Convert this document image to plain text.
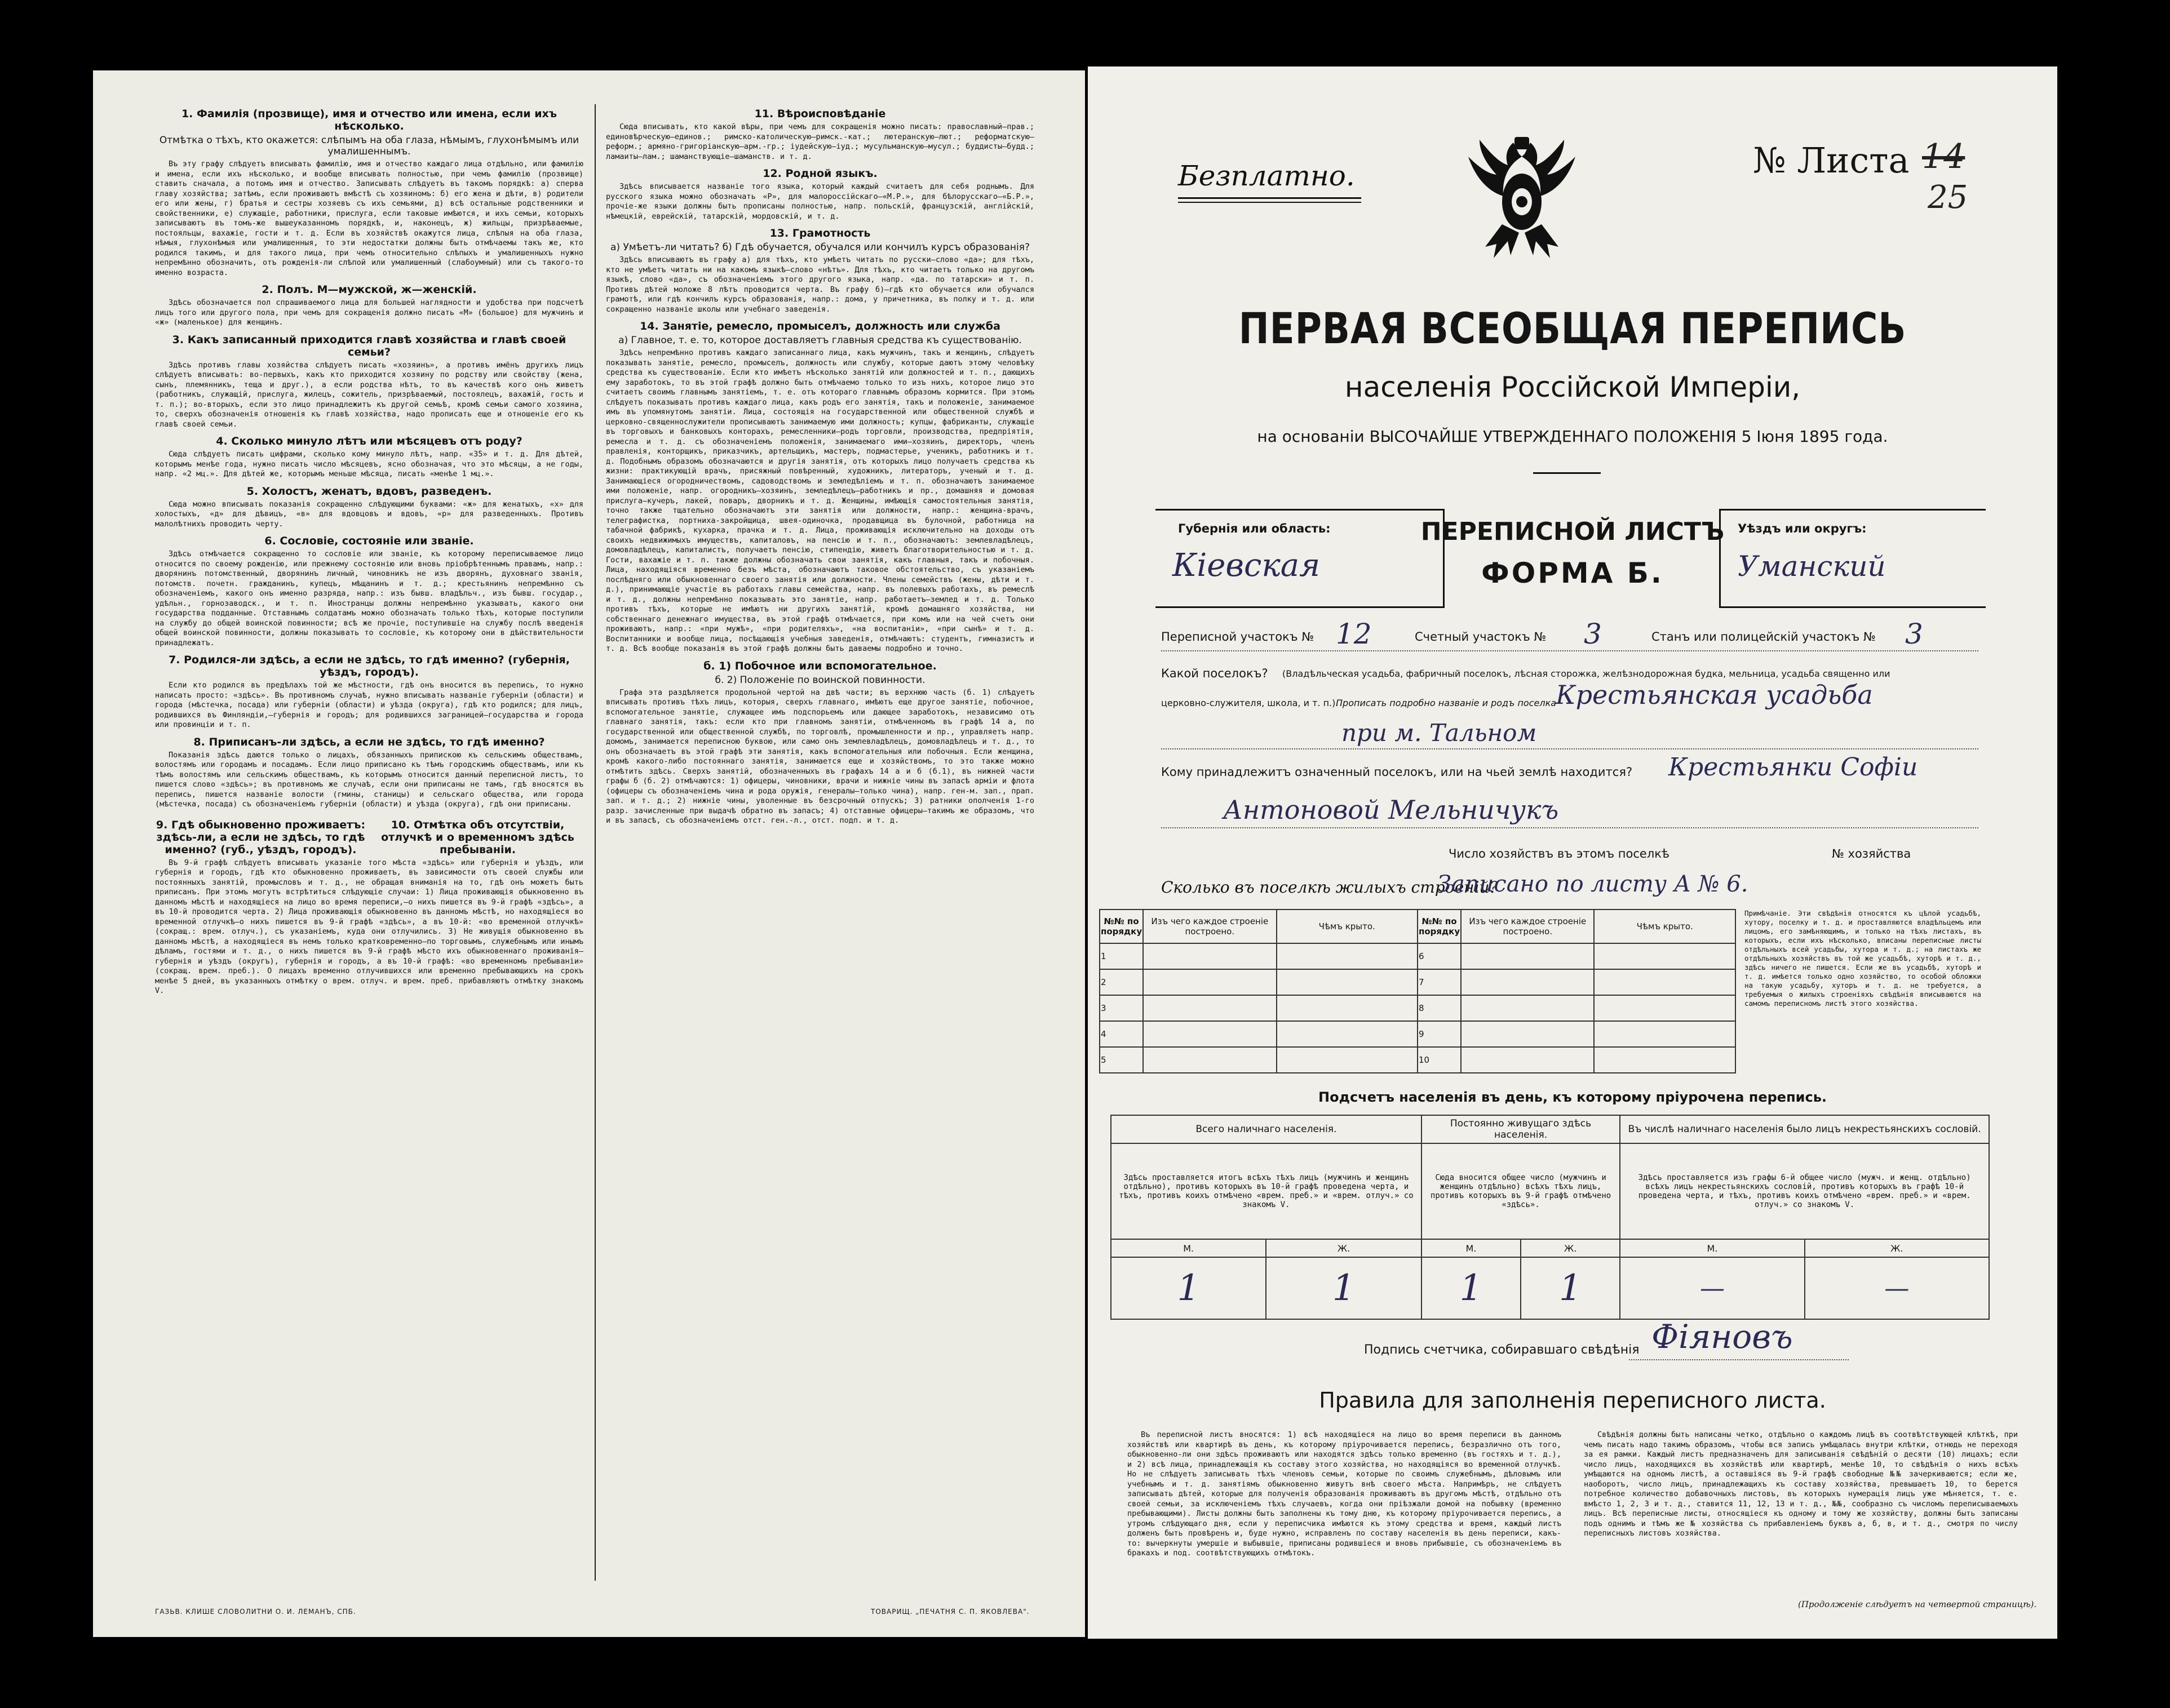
1. Фамилія (прозвище), имя и отчество или имена, если ихъ нѣсколько.
Отмѣтка о тѣхъ, кто окажется: слѣпымъ на оба глаза, нѣмымъ, глухонѣмымъ или умалишеннымъ.

Въ эту графу слѣдуетъ вписывать фамилію, имя и отчество каждаго лица отдѣльно, или фамилію и имена, если ихъ нѣсколько, и вообще вписывать полностью, при чемъ фамилію (прозвище) ставить сначала, а потомъ имя и отчество. Записывать слѣдуетъ въ такомъ порядкѣ: а) сперва главу хозяйства; затѣмъ, если проживаютъ вмѣстѣ съ хозяиномъ: б) его жена и дѣти, в) родители его или жены, г) братья и сестры хозяевъ съ ихъ семьями, д) всѣ остальные родственники и свойственники, е) служащіе, работники, прислуга, если таковые имѣются, и ихъ семьи, которыхъ записываютъ въ томъ-же вышеуказанномъ порядкѣ, и, наконецъ, ж) жильцы, призрѣваемые, постояльцы, вахажіе, гости и т. д. Если въ хозяйствѣ окажутся лица, слѣпыя на оба глаза, нѣмыя, глухонѣмыя или умалишенныя, то эти недостатки должны быть отмѣчаемы такъ же, кто родился такимъ, и для такого лица, при чемъ относительно слѣпыхъ и умалишенныхъ нужно непремѣнно обозначить, отъ рожденія-ли слѣпой или умалишенный (слабоумный) или съ такого-то именно возраста.

2. Полъ. М—мужской, ж—женскій.

Здѣсь обозначается пол спрашиваемого лица для большей наглядности и удобства при подсчетѣ лицъ того или другого пола, при чемъ для сокращенія должно писать «М» (большое) для мужчинъ и «ж» (маленькое) для женщинъ.

3. Какъ записанный приходится главѣ хозяйства и главѣ своей семьи?

Здѣсь противъ главы хозяйства слѣдуетъ писать «хозяинъ», а противъ имёнъ другихъ лицъ слѣдуетъ вписывать: во-первыхъ, какъ кто приходится хозяину по родству или свойству (жена, сынъ, племянникъ, теща и друг.), а если родства нѣтъ, то въ качествѣ кого онъ живетъ (работникъ, служащій, прислуга, жилецъ, сожитель, призрѣваемый, постоялецъ, вахажій, гость и т. п.); во-вторыхъ, если это лицо принадлежитъ къ другой семьѣ, кромѣ семьи самого хозяина, то, сверхъ обозначенія отношенія къ главѣ хозяйства, надо прописать еще и отношеніе его къ главѣ своей семьи.

4. Сколько минуло лѣтъ или мѣсяцевъ отъ роду?

Сюда слѣдуетъ писать цифрами, сколько кому минуло лѣтъ, напр. «35» и т. д. Для дѣтей, которымъ менѣе года, нужно писать число мѣсяцевъ, ясно обозначая, что это мѣсяцы, а не годы, напр. «2 мц.». Для дѣтей же, которымъ меньше мѣсяца, писать «менѣе 1 мц.».

5. Холостъ, женатъ, вдовъ, разведенъ.

Сюда можно вписывать показанія сокращенно слѣдующими буквами: «ж» для женатыхъ, «х» для холостыхъ, «д» для дѣвицъ, «в» для вдовцовъ и вдовъ, «р» для разведенныхъ. Противъ малолѣтнихъ проводить черту.

6. Сословіе, состояніе или званіе.

Здѣсь отмѣчается сокращенно то сословіе или званіе, къ которому переписываемое лицо относится по своему рожденію, или прежнему состоянію или вновь пріобрѣтеннымъ правамъ, напр.: дворянинъ потомственный, дворянинъ личный, чиновникъ не изъ дворянъ, духовнаго званія, потомств. почетн. гражданинъ, купецъ, мѣщанинъ и т. д.; крестьянинъ непремѣнно съ обозначеніемъ, какого онъ именно разряда, напр.: изъ бывш. владѣльч., изъ бывш. государ., удѣльн., горнозаводск., и т. п. Иностранцы должны непремѣнно указывать, какого они государства подданные. Отставнымъ солдатамъ можно обозначать только тѣхъ, которые поступили на службу до общей воинской повинности; всѣ же прочіе, поступившіе на службу послѣ введенія общей воинской повинности, должны показывать то сословіе, къ которому они в дѣйствительности принадлежатъ.

7. Родился-ли здѣсь, а если не здѣсь, то гдѣ именно? (губернія, уѣздъ, городъ).

Если кто родился въ предѣлахъ той же мѣстности, гдѣ онъ вносится въ перепись, то нужно написать просто: «здѣсь». Въ противномъ случаѣ, нужно вписывать названіе губерніи (области) и города (мѣстечка, посада) или губерніи (области) и уѣзда (округа), гдѣ кто родился; для лицъ, родившихся въ Финляндіи,—губернія и городъ; для родившихся заграницей—государства и города или провинціи и т. п.

8. Приписанъ-ли здѣсь, а если не здѣсь, то гдѣ именно?

Показанія здѣсь даются только о лицахъ, обязанныхъ припискою къ сельскимъ обществамъ, волостямъ или городамъ и посадамъ. Если лицо приписано къ тѣмъ городскимъ обществамъ, или къ тѣмъ волостямъ или сельскимъ обществамъ, къ которымъ относится данный переписной листъ, то пишется слово «здѣсь»; въ противномъ же случаѣ, если они приписаны не тамъ, гдѣ вносятся въ перепись, пишется названіе волости (гмины, станицы) и сельскаго общества, или города (мѣстечка, посада) съ обозначеніемъ губерніи (области) и уѣзда (округа), гдѣ они приписаны.

9. Гдѣ обыкновенно проживаетъ: здѣсь-ли, а если не здѣсь, то гдѣ именно? (губ., уѣздъ, городъ).
10. Отмѣтка объ отсутствіи, отлучкѣ и о временномъ здѣсь пребываніи.

Въ 9-й графѣ слѣдуетъ вписывать указаніе того мѣста «здѣсь» или губернія и уѣздъ, или губернія и городъ, гдѣ кто обыкновенно проживаетъ, въ зависимости отъ своей службы или постоянныхъ занятій, промысловъ и т. д., не обращая вниманія на то, гдѣ онъ можетъ быть приписанъ. При этомъ могутъ встрѣтиться слѣдующіе случаи: 1) Лица проживающія обыкновенно въ данномъ мѣстѣ и находящіеся на лицо во время переписи,—о нихъ пишется въ 9-й графѣ «здѣсь», а въ 10-й проводится черта. 2) Лица проживающія обыкновенно въ данномъ мѣстѣ, но находящіеся во временной отлучкѣ—о нихъ пишется въ 9-й графѣ «здѣсь», а въ 10-й: «во временной отлучкѣ» (сокращ.: врем. отлуч.), съ указаніемъ, куда они отлучились. 3) Не живущія обыкновенно въ данномъ мѣстѣ, а находящіеся въ немъ только кратковременно—по торговымъ, служебнымъ или инымъ дѣламъ, гостями и т. д., о нихъ пишется въ 9-й графѣ мѣсто ихъ обыкновеннаго проживанія—губернія и уѣздъ (округъ), губернія и городъ, а въ 10-й графѣ: «во временномъ пребываніи» (сокращ. врем. преб.). О лицахъ временно отлучившихся или временно пребывающихъ на срокъ менѣе 5 дней, въ указанныхъ отмѣтку о врем. отлуч. и врем. преб. прибавляютъ отмѣтку знакомъ V.

11. Вѣроисповѣданіе

Сюда вписывать, кто какой вѣры, при чемъ для сокращенія можно писать: православный—прав.; единовѣрческую—единов.; римско-католическую—римск.-кат.; лютеранскую—лют.; реформатскую—реформ.; армяно-григоріанскую—арм.-гр.; іудейскую—іуд.; мусульманскую—мусул.; буддисты—будд.; ламаиты—лам.; шаманствующіе—шаманств. и т. д.

12. Родной языкъ.

Здѣсь вписывается названіе того языка, который каждый считаетъ для себя роднымъ. Для русского языка можно обозначать «Р», для малороссійскаго—«М.Р.», для бѣлорусскаго—«Б.Р.», прочіе-же языки должны быть прописаны полностью, напр. польскій, французскій, англійскій, нѣмецкій, еврейскій, татарскій, мордовскій, и т. д.

13. Грамотность
а) Умѣетъ-ли читать? б) Гдѣ обучается, обучался или кончилъ курсъ образованія?

Здѣсь вписываютъ въ графу а) для тѣхъ, кто умѣетъ читать по русски—слово «да»; для тѣхъ, кто не умѣетъ читать ни на какомъ языкѣ—слово «нѣтъ». Для тѣхъ, кто читаетъ только на другомъ языкѣ, слово «да», съ обозначеніемъ этого другого языка, напр. «да. по татарски» и т. п. Противъ дѣтей моложе 8 лѣтъ проводится черта. Въ графу б)—гдѣ кто обучается или обучался грамотѣ, или гдѣ кончилъ курсъ образованія, напр.: дома, у причетника, въ полку и т. д. или сокращенно названіе школы или учебнаго заведенія.

14. Занятіе, ремесло, промыселъ, должность или служба
а) Главное, т. е. то, которое доставляетъ главныя средства къ существованію.

Здѣсь непремѣнно противъ каждаго записаннаго лица, какъ мужчинъ, такъ и женщинъ, слѣдуетъ показывать занятіе, ремесло, промыселъ, должность или службу, которые даютъ этому человѣку средства къ существованію. Если кто имѣетъ нѣсколько занятій или должностей и т. п., дающихъ ему заработокъ, то въ этой графѣ должно быть отмѣчаемо только то изъ нихъ, которое лицо это считаетъ своимъ главнымъ занятіемъ, т. е. отъ котораго главнымъ образомъ кормится. При этомъ слѣдуетъ показывать противъ каждаго лица, какъ родъ его занятія, такъ и положеніе, занимаемое имъ въ упомянутомъ занятіи. Лица, состоящія на государственной или общественной службѣ и церковно-священнослужители прописываютъ занимаемую ими должность; купцы, фабриканты, служащіе въ торговыхъ и банковыхъ конторахъ, ремесленники—родъ торговли, производства, предпріятія, ремесла и т. д. съ обозначеніемъ положенія, занимаемаго ими—хозяинъ, директоръ, членъ правленія, конторщикъ, приказчикъ, артельщикъ, мастеръ, подмастерье, ученикъ, работникъ и т. д. Подобнымъ образомъ обозначаются и другія занятія, отъ которыхъ лицо получаетъ средства къ жизни: практикующій врачъ, присяжный повѣренный, художникъ, литераторъ, ученый и т. д. Занимающіеся огородничествомъ, садоводствомъ и земледѣліемъ и т. п. обозначаютъ занимаемое ими положеніе, напр. огородникъ—хозяинъ, земледѣлецъ—работникъ и пр., домашняя и домовая прислуга—кучеръ, лакей, поваръ, дворникъ и т. д. Женщины, имѣющія самостоятельныя занятія, точно также тщательно обозначаютъ эти занятія или должности, напр.: женщина-врачъ, телеграфистка, портниха-закройщица, швея-одиночка, продавщица въ булочной, работница на табачной фабрикѣ, кухарка, прачка и т. д. Лица, проживающія исключительно на доходы отъ своихъ недвижимыхъ имуществъ, капиталовъ, на пенсію и т. п., обозначаютъ: землевладѣлецъ, домовладѣлецъ, капиталистъ, получаетъ пенсію, стипендію, живетъ благотворительностью и т. д. Гости, вахажіе и т. п. также должны обозначать свои занятія, какъ главныя, такъ и побочныя. Лица, находящіяся временно безъ мѣста, обозначаютъ таковое обстоятельство, съ указаніемъ послѣдняго или обыкновеннаго своего занятія или должности. Члены семействъ (жены, дѣти и т. д.), принимающіе участіе въ работахъ главы семейства, напр. въ полевыхъ работахъ, въ ремеслѣ и т. д., должны непремѣнно показывать это занятіе, напр. работаетъ—землед и т. д. Только противъ тѣхъ, которые не имѣютъ ни другихъ занятій, кромѣ домашняго хозяйства, ни собственнаго денежнаго имущества, въ этой графѣ отмѣчается, при комъ или на чей счетъ они проживаютъ, напр.: «при мужѣ», «при родителяхъ», «на воспитаніи», «при сынѣ» и т. д. Воспитанники и вообще лица, посѣщающія учебныя заведенія, отмѣчаютъ: студентъ, гимназистъ и т. д. Всѣ вообще показанія въ этой графѣ должны быть даваемы подробно и точно.

б. 1) Побочное или вспомогательное.
б. 2) Положеніе по воинской повинности.

Графа эта раздѣляется продольной чертой на двѣ части; въ верхнюю часть (б. 1) слѣдуетъ вписывать противъ тѣхъ лицъ, которыя, сверхъ главнаго, имѣютъ еще другое занятіе, побочное, вспомогательное занятіе, служащее имъ подспорьемъ или дающее заработокъ, независимо отъ главнаго занятія, такъ: если кто при главномъ занятіи, отмѣченномъ въ графѣ 14 а, по государственной или общественной службѣ, по торговлѣ, промышленности и пр., управляетъ напр. домомъ, занимается переписною буквою, или само онъ землевладѣлецъ, домовладѣлецъ и т. д., то онъ обозначаетъ въ этой графѣ эти занятія, какъ вспомогательныя или побочныя. Если женщина, кромѣ какого-либо постояннаго занятія, занимается еще и хозяйствомъ, то это также можно отмѣтить здѣсь. Сверхъ занятій, обозначенныхъ въ графахъ 14 а и б (б.1), въ нижней части графы б (б. 2) отмѣчаются: 1) офицеры, чиновники, врачи и нижніе чины въ запасѣ арміи и флота (офицеры съ обозначеніемъ чина и рода оружія, генералы—только чина), напр. ген-м. зап., прап. зап. и т. д.; 2) нижніе чины, уволенные въ безсрочный отпускъ; 3) ратники ополченія 1-го разр. зачисленные при выдачѣ обратно въ запасъ; 4) отставные офицеры—такимъ же образомъ, что и въ запасѣ, съ обозначеніемъ отст. ген.-л., отст. подп. и т. д.

ГАЗЬВ. КЛИШЕ СЛОВОЛИТНИ О. И. ЛЕМАНЪ, СПБ.	ТОВАРИЩ. „ПЕЧАТНЯ С. П. ЯКОВЛЕВА".
Безплатно.	№ Листа 14
25
ПЕРВАЯ ВСЕОБЩАЯ ПЕРЕПИСЬ
населенія Россійской Имперіи,
на основаніи ВЫСОЧАЙШЕ УТВЕРЖДЕННАГО ПОЛОЖЕНІЯ 5 Іюня 1895 года.
Губернія или область:
Кіевская
ПЕРЕПИСНОЙ ЛИСТЪ
ФОРМА Б.
Уѣздъ или округъ:
Уманский
Переписной участокъ № 12	Счетный участокъ № 3	Станъ или полицейскій участокъ № 3
Какой поселокъ? (Владѣльческая усадьба, фабричный поселокъ, лѣсная сторожка, желѣзнодорожная будка, мельница, усадьба священно или
церковно-служителя, школа, и т. п.).
Прописать подробно названіе и родъ поселка
Крестьянская усадьба
при м. Тальном
Кому принадлежитъ означенный поселокъ, или на чьей землѣ находится? Крестьянки Софіи
Антоновой Мельничукъ
Число хозяйствъ въ этомъ поселкѣ	№ хозяйства
Сколько въ поселкѣ жилыхъ строеній?
Записано по листу А № 6.
№№ по порядку	Изъ чего каждое строеніе построено.	Чѣмъ крыто.	№№ по порядку	Изъ чего каждое строеніе построено.	Чѣмъ крыто.
1			6		
2			7		
3			8		
4			9		
5			10		
Примѣчаніе. Эти свѣдѣнія относятся къ цѣлой усадьбѣ, хутору, поселку и т. д. и проставляются владѣльцемъ или лицомъ, его замѣняющимъ, и только на тѣхъ листахъ, въ которыхъ, если ихъ нѣсколько, вписаны переписные листы отдѣльныхъ всей усадьбы, хутора и т. д.; на листахъ же отдѣльныхъ хозяйствъ въ той же усадьбѣ, хуторѣ и т. д., здѣсь ничего не пишется. Если же въ усадьбѣ, хуторѣ и т. д. имѣется только одно хозяйство, то особой обложки на такую усадьбу, хуторъ и т. д. не требуется, а требуемыя о жилыхъ строеніяхъ свѣдѣнія вписываются на самомъ переписномъ листѣ этого хозяйства.
Подсчетъ населенія въ день, къ которому пріурочена перепись.
Всего наличнаго населенія.		Постоянно живущаго здѣсь населенія.		Въ числѣ наличнаго населенія было лицъ некрестьянскихъ сословій.	
Здѣсь проставляется итогъ всѣхъ тѣхъ лицъ (мужчинъ и женщинъ отдѣльно), противъ которыхъ въ 10-й графѣ проведена черта, и тѣхъ, противъ коихъ отмѣчено «врем. преб.» и «врем. отлуч.» со знакомъ V.		Сюда вносится общее число (мужчинъ и женщинъ отдѣльно) всѣхъ тѣхъ лицъ, противъ которыхъ въ 9-й графѣ отмѣчено «здѣсь».		Здѣсь проставляется изъ графы 6-й общее число (мужч. и женщ. отдѣльно) всѣхъ лицъ некрестьянскихъ сословій, противъ которыхъ въ графѣ 10-й проведена черта, и тѣхъ, противъ коихъ отмѣчено «врем. преб.» и «врем. отлуч.» со знакомъ V.	
М.	Ж.	М.	Ж.	М.	Ж.
1	1	1	1	—	—
Подпись счетчика, собиравшаго свѣдѣнія Фіяновъ
Правила для заполненія переписного листа.
Въ переписной листъ вносятся: 1) всѣ находящіеся на лицо во время переписи въ данномъ хозяйствѣ или квартирѣ въ день, къ которому пріурочивается перепись, безразлично отъ того, обыкновенно-ли они здѣсь проживаютъ или находятся здѣсь только временно (въ гостяхъ и т. д.), и 2) всѣ лица, принадлежащія къ составу этого хозяйства, но находящіяся во временной отлучкѣ. Но не слѣдуетъ записывать тѣхъ членовъ семьи, которые по своимъ служебнымъ, дѣловымъ или учебнымъ и т. д. занятіямъ обыкновенно живутъ внѣ своего мѣста. Напримѣръ, не слѣдуетъ записывать дѣтей, которые для полученія образованія проживаютъ въ другомъ мѣстѣ, отдѣльно отъ своей семьи, за исключеніемъ тѣхъ случаевъ, когда они пріѣзжали домой на побывку (временно пребывающими). Листы должны быть заполнены къ тому дню, къ которому пріурочивается перепись, а утромъ слѣдующаго дня, если у переписчика имѣются къ этому средства и время, каждый листъ долженъ быть провѣренъ и, буде нужно, исправленъ по составу населенія въ день переписи, какъ-то: вычеркнуты умершіе и выбывшіе, приписаны родившіеся и вновь прибывшіе, съ обозначеніемъ въ бракахъ и под. соотвѣтствующихъ отмѣтокъ.
Свѣдѣнія должны быть написаны четко, отдѣльно о каждомъ лицѣ въ соотвѣтствующей клѣткѣ, при чемъ писать надо такимъ образомъ, чтобы вся запись умѣщалась внутри клѣтки, отнюдь не переходя за ея рамки. Каждый листъ предназначенъ для записыванія свѣдѣній о десяти (10) лицахъ; если число лицъ, находящихся въ хозяйствѣ или квартирѣ, менѣе 10, то свѣдѣнія о нихъ всѣхъ умѣщаются на одномъ листѣ, а оставшіяся въ 9-й графѣ свободные №№ зачеркиваются; если же, наоборотъ, число лицъ, принадлежащихъ къ составу хозяйства, превышаетъ 10, то берется потребное количество добавочныхъ листовъ, въ которыхъ нумерація лицъ уже мѣняется, т. е. вмѣсто 1, 2, 3 и т. д., ставится 11, 12, 13 и т. д., №№, сообразно съ числомъ переписываемыхъ лицъ. Всѣ переписные листы, относящіеся къ одному и тому же хозяйству, должны быть записаны подъ однимъ и тѣмъ же № хозяйства съ прибавленіемъ буквъ а, б, в, и т. д., смотря по числу переписныхъ листовъ хозяйства.
(Продолженіе слѣдуетъ на четвертой страницѣ).
